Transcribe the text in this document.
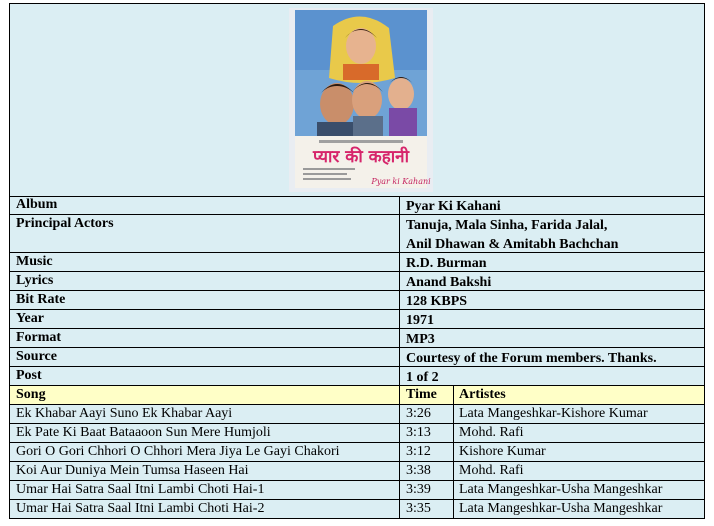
प्यार की कहानी
Pyar ki Kahani
Album	Pyar Ki Kahani
Principal Actors	Tanuja, Mala Sinha, Farida Jalal,
Anil Dhawan & Amitabh Bachchan
Music	R.D. Burman
Lyrics	Anand Bakshi
Bit Rate	128 KBPS
Year	1971
Format	MP3
Source	Courtesy of the Forum members. Thanks.
Post	1 of 2
Song	Time Artistes
Ek Khabar Aayi Suno Ek Khabar Aayi	3:26 Lata Mangeshkar-Kishore Kumar
Ek Pate Ki Baat Bataaoon Sun Mere Humjoli	3:13 Mohd. Rafi
Gori O Gori Chhori O Chhori Mera Jiya Le Gayi Chakori	3:12 Kishore Kumar
Koi Aur Duniya Mein Tumsa Haseen Hai	3:38 Mohd. Rafi
Umar Hai Satra Saal Itni Lambi Choti Hai-1	3:39 Lata Mangeshkar-Usha Mangeshkar
Umar Hai Satra Saal Itni Lambi Choti Hai-2	3:35 Lata Mangeshkar-Usha Mangeshkar
